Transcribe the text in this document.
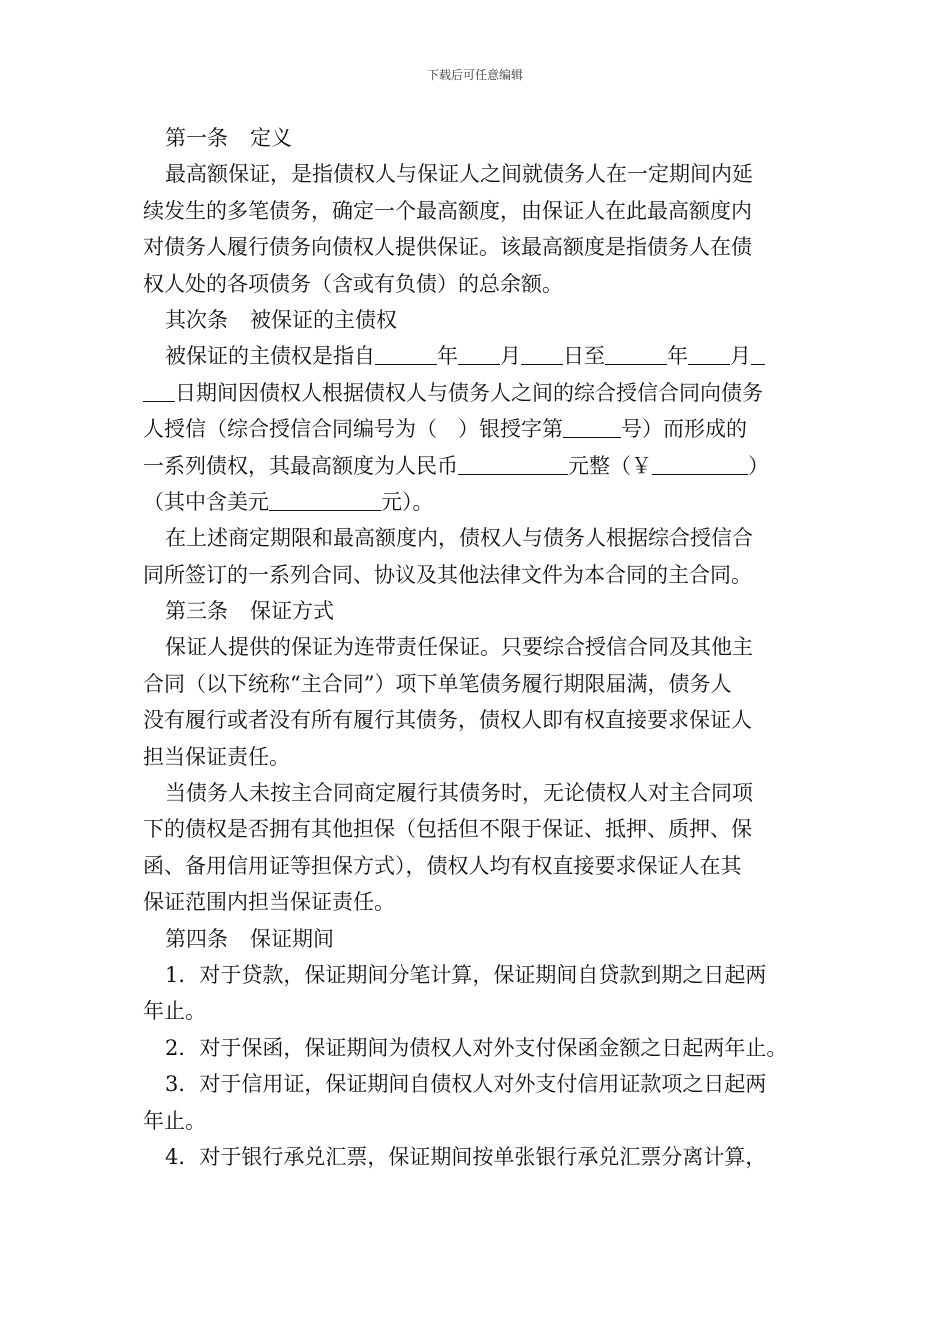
下载后可任意编辑
第一条 定义
最高额保证，是指债权人与保证人之间就债务人在一定期间内延
续发生的多笔债务，确定一个最高额度，由保证人在此最高额度内
对债务人履行债务向债权人提供保证。该最高额度是指债务人在债
权人处的各项债务（含或有负债）的总余额。
其次条 被保证的主债权
被保证的主债权是指自	年 月 日至	年 月
日期间因债权人根据债权人与债务人之间的综合授信合同向债务
人授信（综合授信合同编号为（　）银授字第	号）而形成的
一系列债权，其最高额度为人民币	元整（￥	）
（其中含美元	元）。
在上述商定期限和最高额度内，债权人与债务人根据综合授信合
同所签订的一系列合同、协议及其他法律文件为本合同的主合同。
第三条 保证方式
保证人提供的保证为连带责任保证。只要综合授信合同及其他主
合同（以下统称“主合同”）项下单笔债务履行期限届满，债务人
没有履行或者没有所有履行其债务，债权人即有权直接要求保证人
担当保证责任。
当债务人未按主合同商定履行其债务时，无论债权人对主合同项
下的债权是否拥有其他担保（包括但不限于保证、抵押、质押、保
函、备用信用证等担保方式），债权人均有权直接要求保证人在其
保证范围内担当保证责任。
第四条 保证期间
1．对于贷款，保证期间分笔计算，保证期间自贷款到期之日起两
年止。
2．对于保函，保证期间为债权人对外支付保函金额之日起两年止。
3．对于信用证，保证期间自债权人对外支付信用证款项之日起两
年止。
4．对于银行承兑汇票，保证期间按单张银行承兑汇票分离计算，
